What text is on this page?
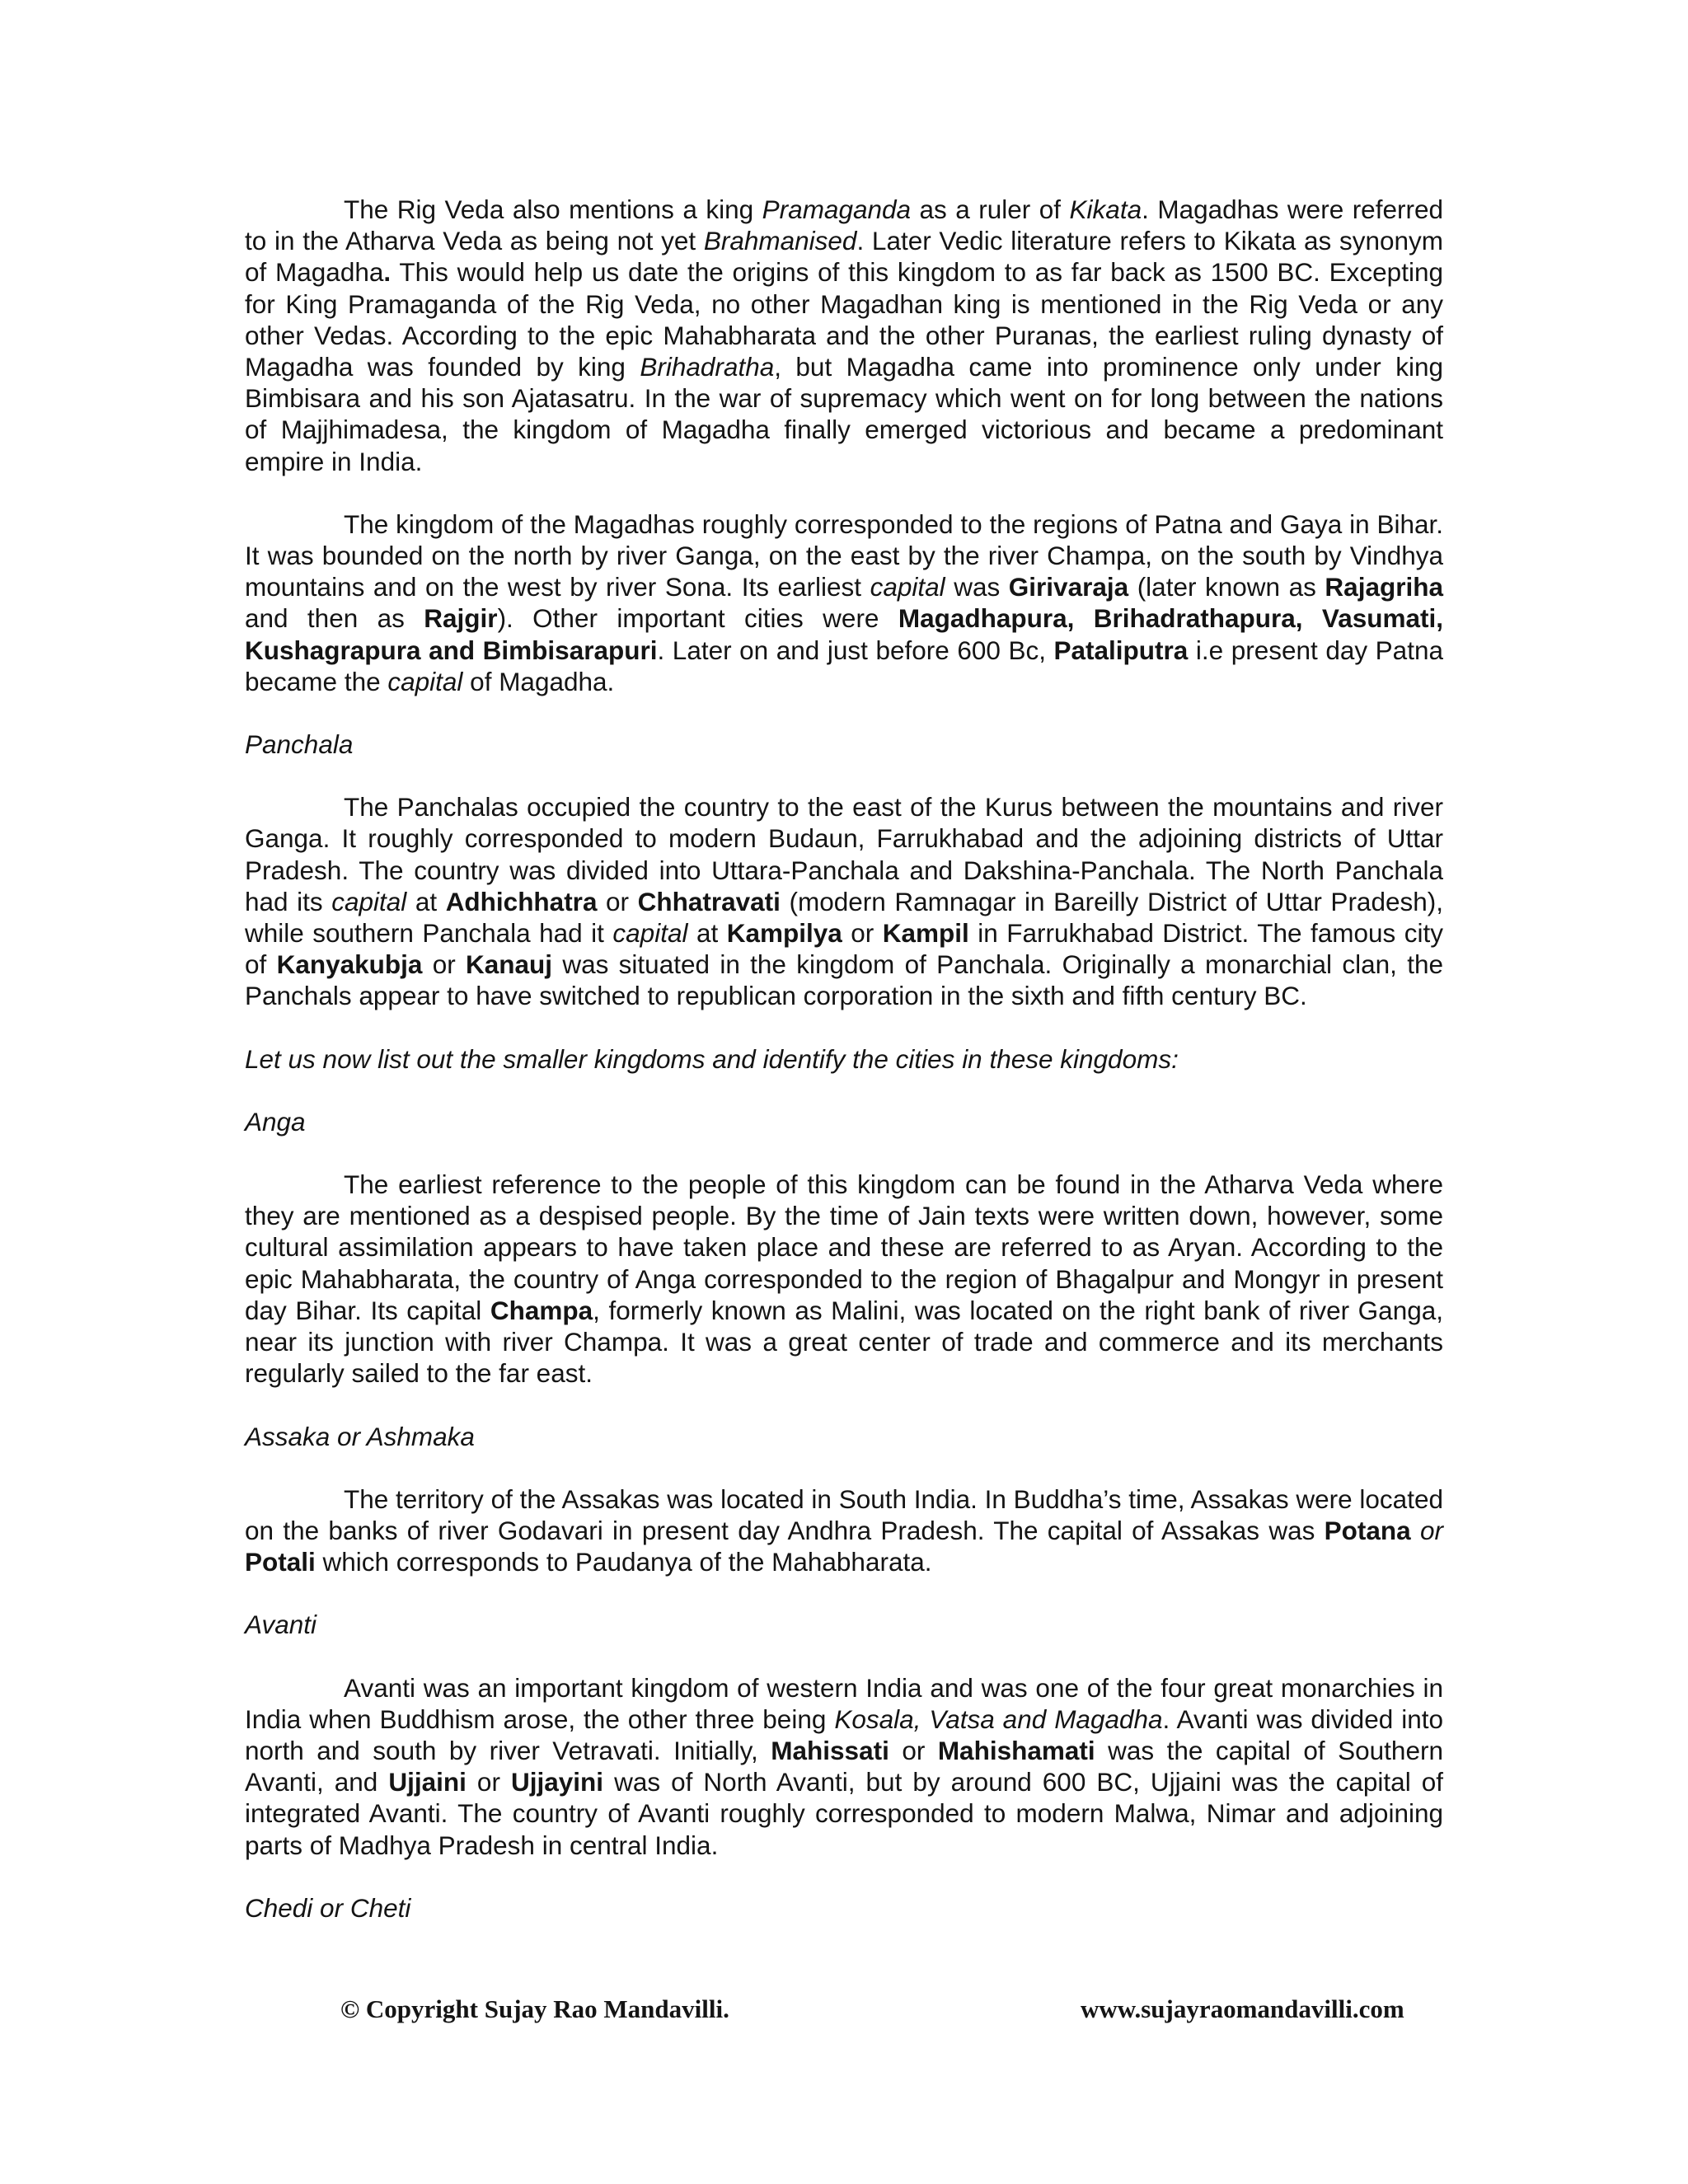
The Rig Veda also mentions a king Pramaganda as a ruler of Kikata. Magadhas were referred to in the Atharva Veda as being not yet Brahmanised. Later Vedic literature refers to Kikata as synonym of Magadha. This would help us date the origins of this kingdom to as far back as 1500 BC. Excepting for King Pramaganda of the Rig Veda, no other Magadhan king is mentioned in the Rig Veda or any other Vedas. According to the epic Mahabharata and the other Puranas, the earliest ruling dynasty of Magadha was founded by king Brihadratha, but Magadha came into prominence only under king Bimbisara and his son Ajatasatru. In the war of supremacy which went on for long between the nations of Majjhimadesa, the kingdom of Magadha finally emerged victorious and became a predominant empire in India.

The kingdom of the Magadhas roughly corresponded to the regions of Patna and Gaya in Bihar. It was bounded on the north by river Ganga, on the east by the river Champa, on the south by Vindhya mountains and on the west by river Sona. Its earliest capital was Girivaraja (later known as Rajagriha and then as Rajgir). Other important cities were Magadhapura, Brihadrathapura, Vasumati, Kushagrapura and Bimbisarapuri. Later on and just before 600 Bc, Pataliputra i.e present day Patna became the capital of Magadha.

Panchala

The Panchalas occupied the country to the east of the Kurus between the mountains and river Ganga. It roughly corresponded to modern Budaun, Farrukhabad and the adjoining districts of Uttar Pradesh. The country was divided into Uttara-Panchala and Dakshina-Panchala. The North Panchala had its capital at Adhichhatra or Chhatravati (modern Ramnagar in Bareilly District of Uttar Pradesh), while southern Panchala had it capital at Kampilya or Kampil in Farrukhabad District. The famous city of Kanyakubja or Kanauj was situated in the kingdom of Panchala. Originally a monarchial clan, the Panchals appear to have switched to republican corporation in the sixth and fifth century BC.

Let us now list out the smaller kingdoms and identify the cities in these kingdoms:

Anga

The earliest reference to the people of this kingdom can be found in the Atharva Veda where they are mentioned as a despised people. By the time of Jain texts were written down, however, some cultural assimilation appears to have taken place and these are referred to as Aryan. According to the epic Mahabharata, the country of Anga corresponded to the region of Bhagalpur and Mongyr in present day Bihar. Its capital Champa, formerly known as Malini, was located on the right bank of river Ganga, near its junction with river Champa. It was a great center of trade and commerce and its merchants regularly sailed to the far east.

Assaka or Ashmaka

The territory of the Assakas was located in South India. In Buddha’s time, Assakas were located on the banks of river Godavari in present day Andhra Pradesh. The capital of Assakas was Potana or Potali which corresponds to Paudanya of the Mahabharata.

Avanti

Avanti was an important kingdom of western India and was one of the four great monarchies in India when Buddhism arose, the other three being Kosala, Vatsa and Magadha. Avanti was divided into north and south by river Vetravati. Initially, Mahissati or Mahishamati was the capital of Southern Avanti, and Ujjaini or Ujjayini was of North Avanti, but by around 600 BC, Ujjaini was the capital of integrated Avanti. The country of Avanti roughly corresponded to modern Malwa, Nimar and adjoining parts of Madhya Pradesh in central India.

Chedi or Cheti

© Copyright Sujay Rao Mandavilli.	www.sujayraomandavilli.com
